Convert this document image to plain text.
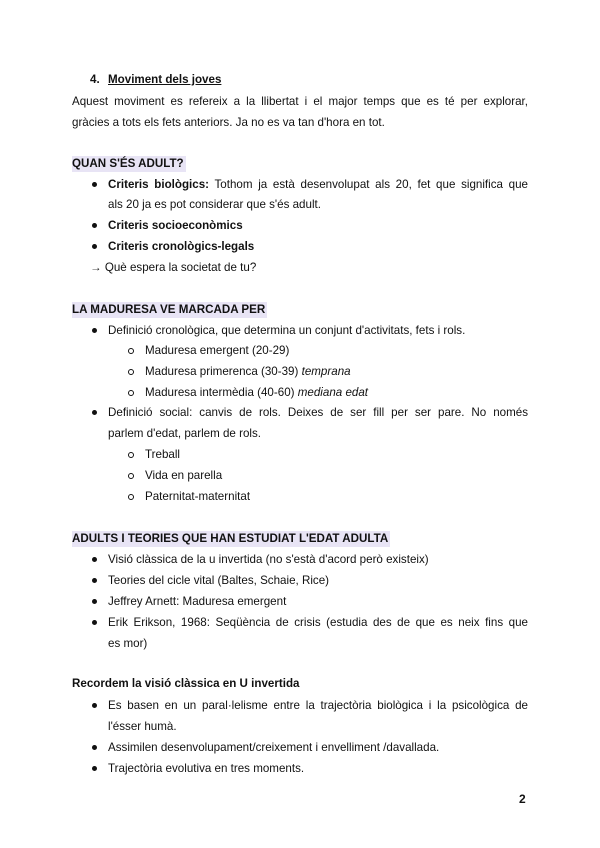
4. Moviment dels joves
Aquest moviment es refereix a la llibertat i el major temps que es té per explorar,
gràcies a tots els fets anteriors. Ja no es va tan d'hora en tot.
QUAN S'ÉS ADULT?
Criteris biològics: Tothom ja està desenvolupat als 20, fet que significa que
als 20 ja es pot considerar que s'és adult.
Criteris socioeconòmics
Criteris cronològics-legals
→ Què espera la societat de tu?
LA MADURESA VE MARCADA PER
Definició cronològica, que determina un conjunt d'activitats, fets i rols.
Maduresa emergent (20-29)
Maduresa primerenca (30-39) temprana
Maduresa intermèdia (40-60) mediana edat
Definició social: canvis de rols. Deixes de ser fill per ser pare. No només
parlem d'edat, parlem de rols.
Treball
Vida en parella
Paternitat-maternitat
ADULTS I TEORIES QUE HAN ESTUDIAT L'EDAT ADULTA
Visió clàssica de la u invertida (no s'està d'acord però existeix)
Teories del cicle vital (Baltes, Schaie, Rice)
Jeffrey Arnett: Maduresa emergent
Erik Erikson, 1968: Seqüència de crisis (estudia des de que es neix fins que
es mor)
Recordem la visió clàssica en U invertida
Es basen en un paral·lelisme entre la trajectòria biològica i la psicològica de
l'ésser humà.
Assimilen desenvolupament/creixement i envelliment /davallada.
Trajectòria evolutiva en tres moments.
2
